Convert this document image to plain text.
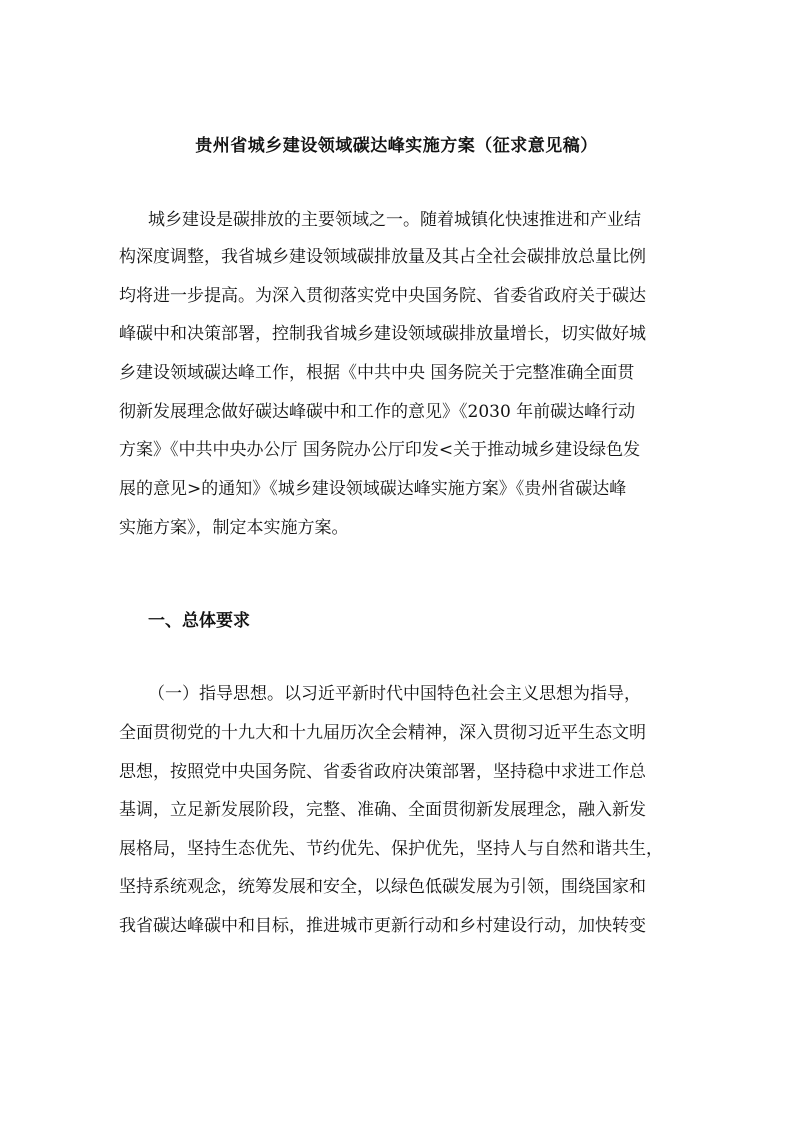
贵州省城乡建设领域碳达峰实施方案（征求意见稿）
城乡建设是碳排放的主要领域之一。随着城镇化快速推进和产业结
构深度调整，我省城乡建设领域碳排放量及其占全社会碳排放总量比例
均将进一步提高。为深入贯彻落实党中央国务院、省委省政府关于碳达
峰碳中和决策部署，控制我省城乡建设领域碳排放量增长，切实做好城
乡建设领域碳达峰工作，根据《中共中央 国务院关于完整准确全面贯
彻新发展理念做好碳达峰碳中和工作的意见》《2030 年前碳达峰行动
方案》《中共中央办公厅 国务院办公厅印发<关于推动城乡建设绿色发
展的意见>的通知》《城乡建设领域碳达峰实施方案》《贵州省碳达峰
实施方案》，制定本实施方案。
一、总体要求
（一）指导思想。以习近平新时代中国特色社会主义思想为指导，
全面贯彻党的十九大和十九届历次全会精神，深入贯彻习近平生态文明
思想，按照党中央国务院、省委省政府决策部署，坚持稳中求进工作总
基调，立足新发展阶段，完整、准确、全面贯彻新发展理念，融入新发
展格局，坚持生态优先、节约优先、保护优先，坚持人与自然和谐共生，
坚持系统观念，统筹发展和安全，以绿色低碳发展为引领，围绕国家和
我省碳达峰碳中和目标，推进城市更新行动和乡村建设行动，加快转变
